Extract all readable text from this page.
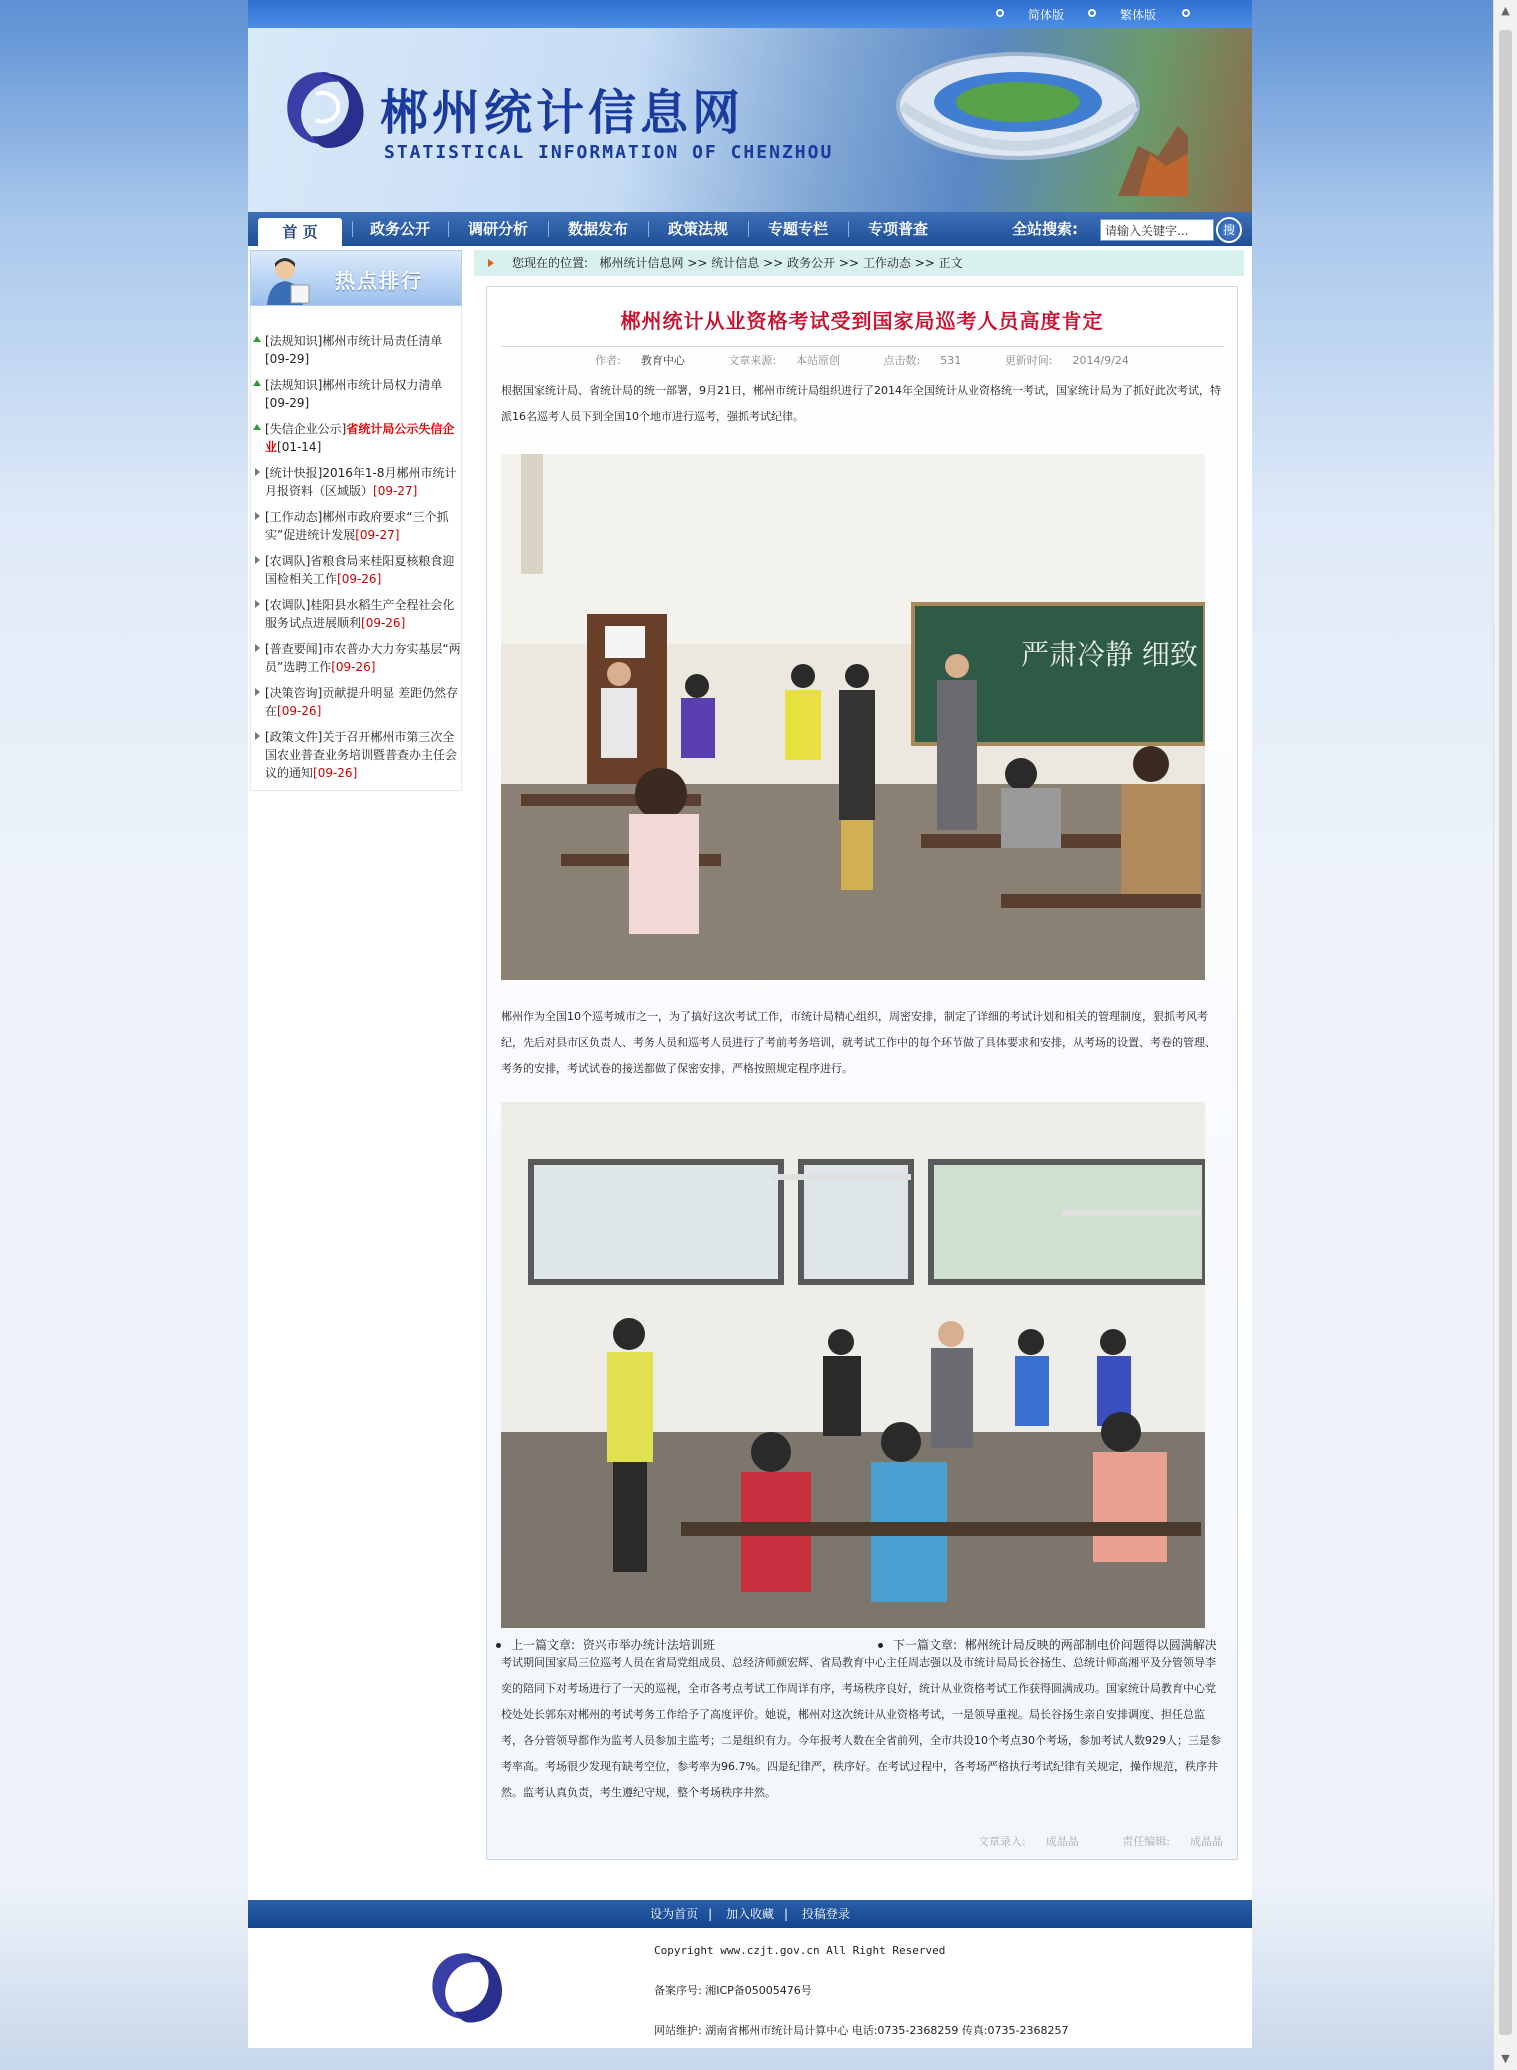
▲
▼
简体版	繁体版
郴州统计信息网
STATISTICAL INFORMATION OF CHENZHOU
首 页	政务公开	调研分析	数据发布	政策法规	专题专栏	专项普查	全站搜索:
请输入关键字...	搜
热点排行
[法规知识]郴州市统计局责任清单
[09-29]
[法规知识]郴州市统计局权力清单
[09-29]
[失信企业公示]省统计局公示失信企业[01-14]
[统计快报]2016年1-8月郴州市统计月报资料（区域版）[09-27]
[工作动态]郴州市政府要求“三个抓实”促进统计发展[09-27]
[农调队]省粮食局来桂阳夏核粮食迎国检相关工作[09-26]
[农调队]桂阳县水稻生产全程社会化服务试点进展顺利[09-26]
[普查要闻]市农普办大力夯实基层“两员”选聘工作[09-26]
[决策咨询]贡献提升明显 差距仍然存在[09-26]
[政策文件]关于召开郴州市第三次全国农业普查业务培训暨普查办主任会议的通知[09-26]
您现在的位置: 郴州统计信息网 >> 统计信息 >> 政务公开 >> 工作动态 >> 正文
郴州统计从业资格考试受到国家局巡考人员高度肯定
作者: 教育中心	文章来源: 本站原创	点击数: 531	更新时间: 2014/9/24
根据国家统计局、省统计局的统一部署，9月21日，郴州市统计局组织进行了2014年全国统计从业资格统一考试，国家统计局为了抓好此次考试，特派16名巡考人员下到全国10个地市进行巡考，强抓考试纪律。
严肃冷静 细致
郴州作为全国10个巡考城市之一，为了搞好这次考试工作，市统计局精心组织，周密安排，制定了详细的考试计划和相关的管理制度，狠抓考风考纪，先后对县市区负责人、考务人员和巡考人员进行了考前考务培训，就考试工作中的每个环节做了具体要求和安排，从考场的设置、考卷的管理、考务的安排，考试试卷的接送都做了保密安排，严格按照规定程序进行。
考试期间国家局三位巡考人员在省局党组成员、总经济师颜宏辉、省局教育中心主任周志强以及市统计局局长谷扬生、总统计师高湘平及分管领导李奕的陪同下对考场进行了一天的巡视，全市各考点考试工作周详有序，考场秩序良好，统计从业资格考试工作获得圆满成功。国家统计局教育中心党校处处长郭东对郴州的考试考务工作给予了高度评价。她说，郴州对这次统计从业资格考试，一是领导重视。局长谷扬生亲自安排调度、担任总监考，各分管领导都作为监考人员参加主监考；二是组织有力。今年报考人数在全省前列，全市共设10个考点30个考场，参加考试人数929人；三是参考率高。考场很少发现有缺考空位，参考率为96.7%。四是纪律严，秩序好。在考试过程中，各考场严格执行考试纪律有关规定，操作规范，秩序井然。监考认真负责，考生遵纪守规，整个考场秩序井然。
文章录入: 成晶晶	责任编辑: 成晶晶
上一篇文章: 资兴市举办统计法培训班	下一篇文章: 郴州统计局反映的两部制电价问题得以圆满解决
设为首页 | 加入收藏 | 投稿登录
Copyright www.czjt.gov.cn All Right Reserved
备案序号: 湘ICP备05005476号
网站维护: 湖南省郴州市统计局计算中心 电话:0735-2368259 传真:0735-2368257
